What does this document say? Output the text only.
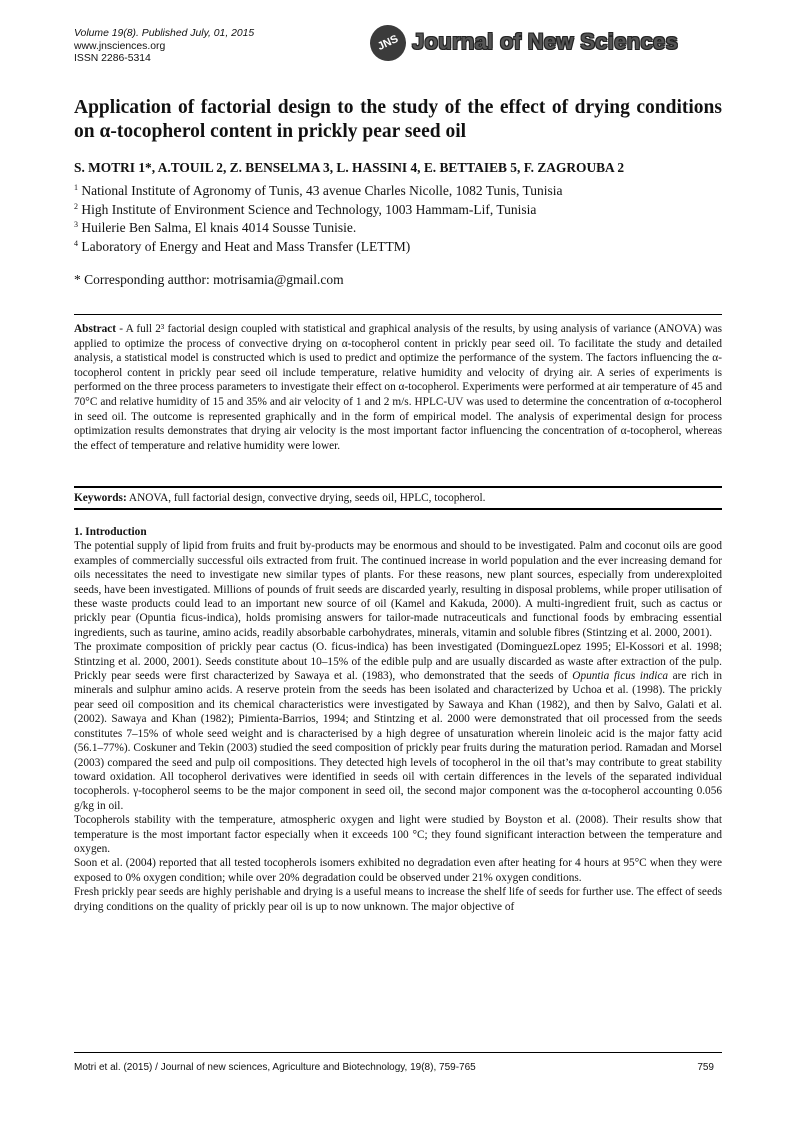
Volume 19(8). Published July, 01, 2015
www.jnsciences.org
ISSN 2286-5314
JNS Journal of New Sciences
Application of factorial design to the study of the effect of drying conditions on α-tocopherol content in prickly pear seed oil
S. MOTRI 1*, A.TOUIL 2, Z. BENSELMA 3, L. HASSINI 4, E. BETTAIEB 5, F. ZAGROUBA 2
$^1$ National Institute of Agronomy of Tunis, 43 avenue Charles Nicolle, 1082 Tunis, Tunisia
$^2$ High Institute of Environment Science and Technology, 1003 Hammam-Lif, Tunisia
$^3$ Huilerie Ben Salma, El knais 4014 Sousse Tunisie.
$^4$ Laboratory of Energy and Heat and Mass Transfer (LETTM)
* Corresponding autthor: motrisamia@gmail.com
Abstract - A full 2³ factorial design coupled with statistical and graphical analysis of the results, by using analysis of variance (ANOVA) was applied to optimize the process of convective drying on α-tocopherol content in prickly pear seed oil. To facilitate the study and detailed analysis, a statistical model is constructed which is used to predict and optimize the performance of the system. The factors influencing the α-tocopherol content in prickly pear seed oil include temperature, relative humidity and velocity of drying air. A series of experiments is performed on the three process parameters to investigate their effect on α-tocopherol. Experiments were performed at air temperature of 45 and 70°C and relative humidity of 15 and 35% and air velocity of 1 and 2 m/s. HPLC-UV was used to determine the concentration of α-tocopherol in seed oil. The outcome is represented graphically and in the form of empirical model. The analysis of experimental design for process optimization results demonstrates that drying air velocity is the most important factor influencing the concentration of α-tocopherol, whereas the effect of temperature and relative humidity were lower.
Keywords: ANOVA, full factorial design, convective drying, seeds oil, HPLC, tocopherol.
1. Introduction

The potential supply of lipid from fruits and fruit by-products may be enormous and should to be investigated. Palm and coconut oils are good examples of commercially successful oils extracted from fruit. The continued increase in world population and the ever increasing demand for oils necessitates the need to investigate new similar types of plants. For these reasons, new plant sources, especially from underexploited seeds, have been investigated. Millions of pounds of fruit seeds are discarded yearly, resulting in disposal problems, while proper utilisation of these waste products could lead to an important new source of oil (Kamel and Kakuda, 2000). A multi-ingredient fruit, such as cactus or prickly pear (Opuntia ficus-indica), holds promising answers for tailor-made nutraceuticals and functional foods by embracing essential ingredients, such as taurine, amino acids, readily absorbable carbohydrates, minerals, vitamin and soluble fibres (Stintzing et al. 2000, 2001).

The proximate composition of prickly pear cactus (O. ficus-indica) has been investigated (DominguezLopez 1995; El-Kossori et al. 1998; Stintzing et al. 2000, 2001). Seeds constitute about 10–15% of the edible pulp and are usually discarded as waste after extraction of the pulp. Prickly pear seeds were first characterized by Sawaya et al. (1983), who demonstrated that the seeds of Opuntia ficus indica are rich in minerals and sulphur amino acids. A reserve protein from the seeds has been isolated and characterized by Uchoa et al. (1998). The prickly pear seed oil composition and its chemical characteristics were investigated by Sawaya and Khan (1982), and then by Salvo, Galati et al. (2002). Sawaya and Khan (1982); Pimienta-Barrios, 1994; and Stintzing et al. 2000 were demonstrated that oil processed from the seeds constitutes 7–15% of whole seed weight and is characterised by a high degree of unsaturation wherein linoleic acid is the major fatty acid (56.1–77%). Coskuner and Tekin (2003) studied the seed composition of prickly pear fruits during the maturation period. Ramadan and Morsel (2003) compared the seed and pulp oil compositions. They detected high levels of tocopherol in the oil that’s may contribute to great stability toward oxidation. All tocopherol derivatives were identified in seeds oil with certain differences in the levels of the separated individual tocopherols. γ-tocopherol seems to be the major component in seed oil, the second major component was the α-tocopherol accounting 0.056 g/kg in oil.

Tocopherols stability with the temperature, atmospheric oxygen and light were studied by Boyston et al. (2008). Their results show that temperature is the most important factor especially when it exceeds 100 °C; they found significant interaction between the temperature and oxygen.

Soon et al. (2004) reported that all tested tocopherols isomers exhibited no degradation even after heating for 4 hours at 95°C when they were exposed to 0% oxygen condition; while over 20% degradation could be observed under 21% oxygen conditions.

Fresh prickly pear seeds are highly perishable and drying is a useful means to increase the shelf life of seeds for further use. The effect of seeds drying conditions on the quality of prickly pear oil is up to now unknown. The major objective of

Motri et al. (2015) / Journal of new sciences, Agriculture and Biotechnology, 19(8), 759-765	759
